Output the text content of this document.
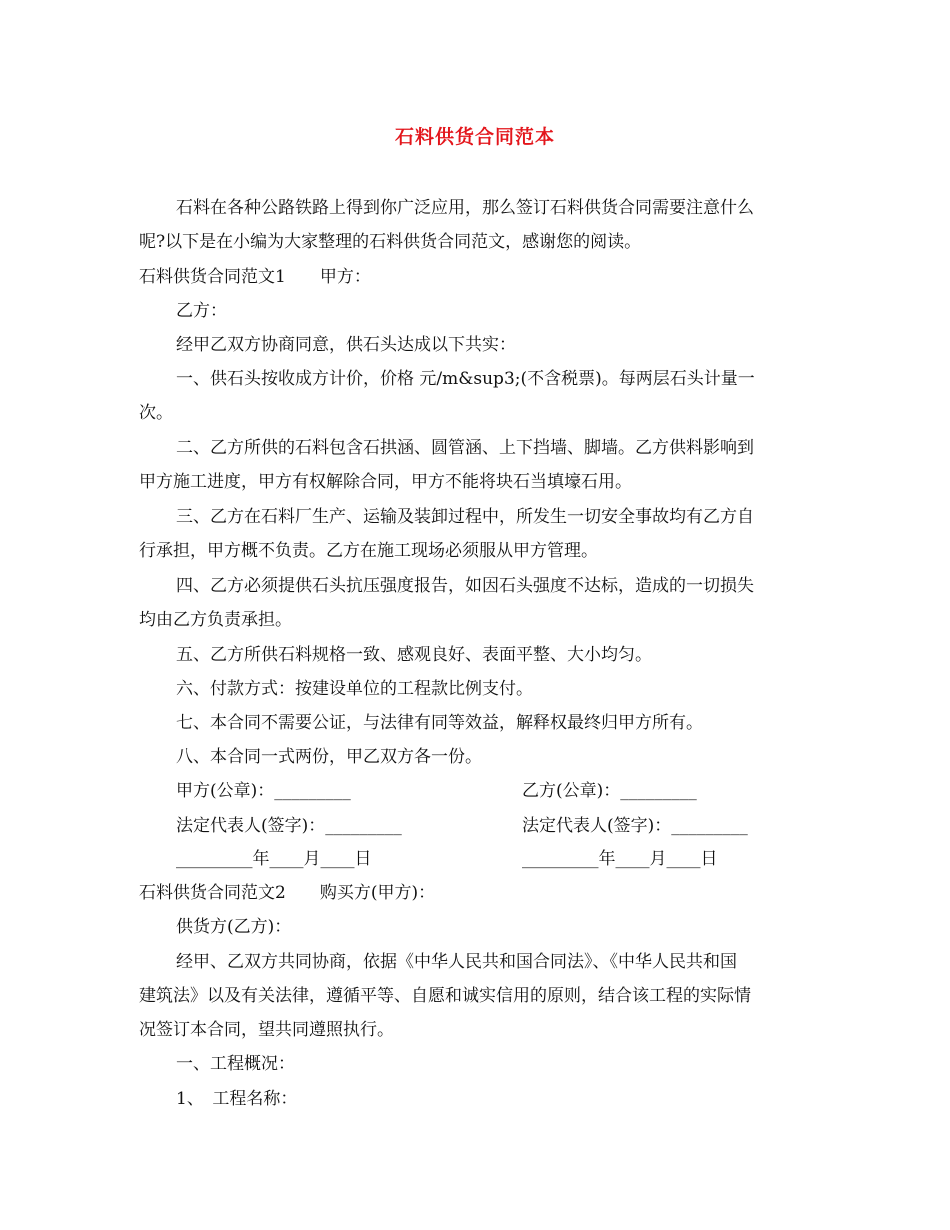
石料供货合同范本
石料在各种公路铁路上得到你广泛应用，那么签订石料供货合同需要注意什么
呢?以下是在小编为大家整理的石料供货合同范文，感谢您的阅读。
石料供货合同范文1　　甲方：
乙方：
经甲乙双方协商同意，供石头达成以下共实：
一、供石头按收成方计价，价格 元/m&sup3;(不含税票)。每两层石头计量一
次。
二、乙方所供的石料包含石拱涵、圆管涵、上下挡墙、脚墙。乙方供料影响到
甲方施工进度，甲方有权解除合同，甲方不能将块石当填壕石用。
三、乙方在石料厂生产、运输及装卸过程中，所发生一切安全事故均有乙方自
行承担，甲方概不负责。乙方在施工现场必须服从甲方管理。
四、乙方必须提供石头抗压强度报告，如因石头强度不达标，造成的一切损失
均由乙方负责承担。
五、乙方所供石料规格一致、感观良好、表面平整、大小均匀。
六、付款方式：按建设单位的工程款比例支付。
七、本合同不需要公证，与法律有同等效益，解释权最终归甲方所有。
八、本合同一式两份，甲乙双方各一份。
甲方(公章)：_________	乙方(公章)：_________
法定代表人(签字)：_________	法定代表人(签字)：_________
_________年____月____日	_________年____月____日
石料供货合同范文2　　购买方(甲方)：
供货方(乙方)：
经甲、乙双方共同协商，依据《中华人民共和国合同法》、《中华人民共和国
建筑法》以及有关法律，遵循平等、自愿和诚实信用的原则，结合该工程的实际情
况签订本合同，望共同遵照执行。
一、工程概况：
1、　工程名称：
